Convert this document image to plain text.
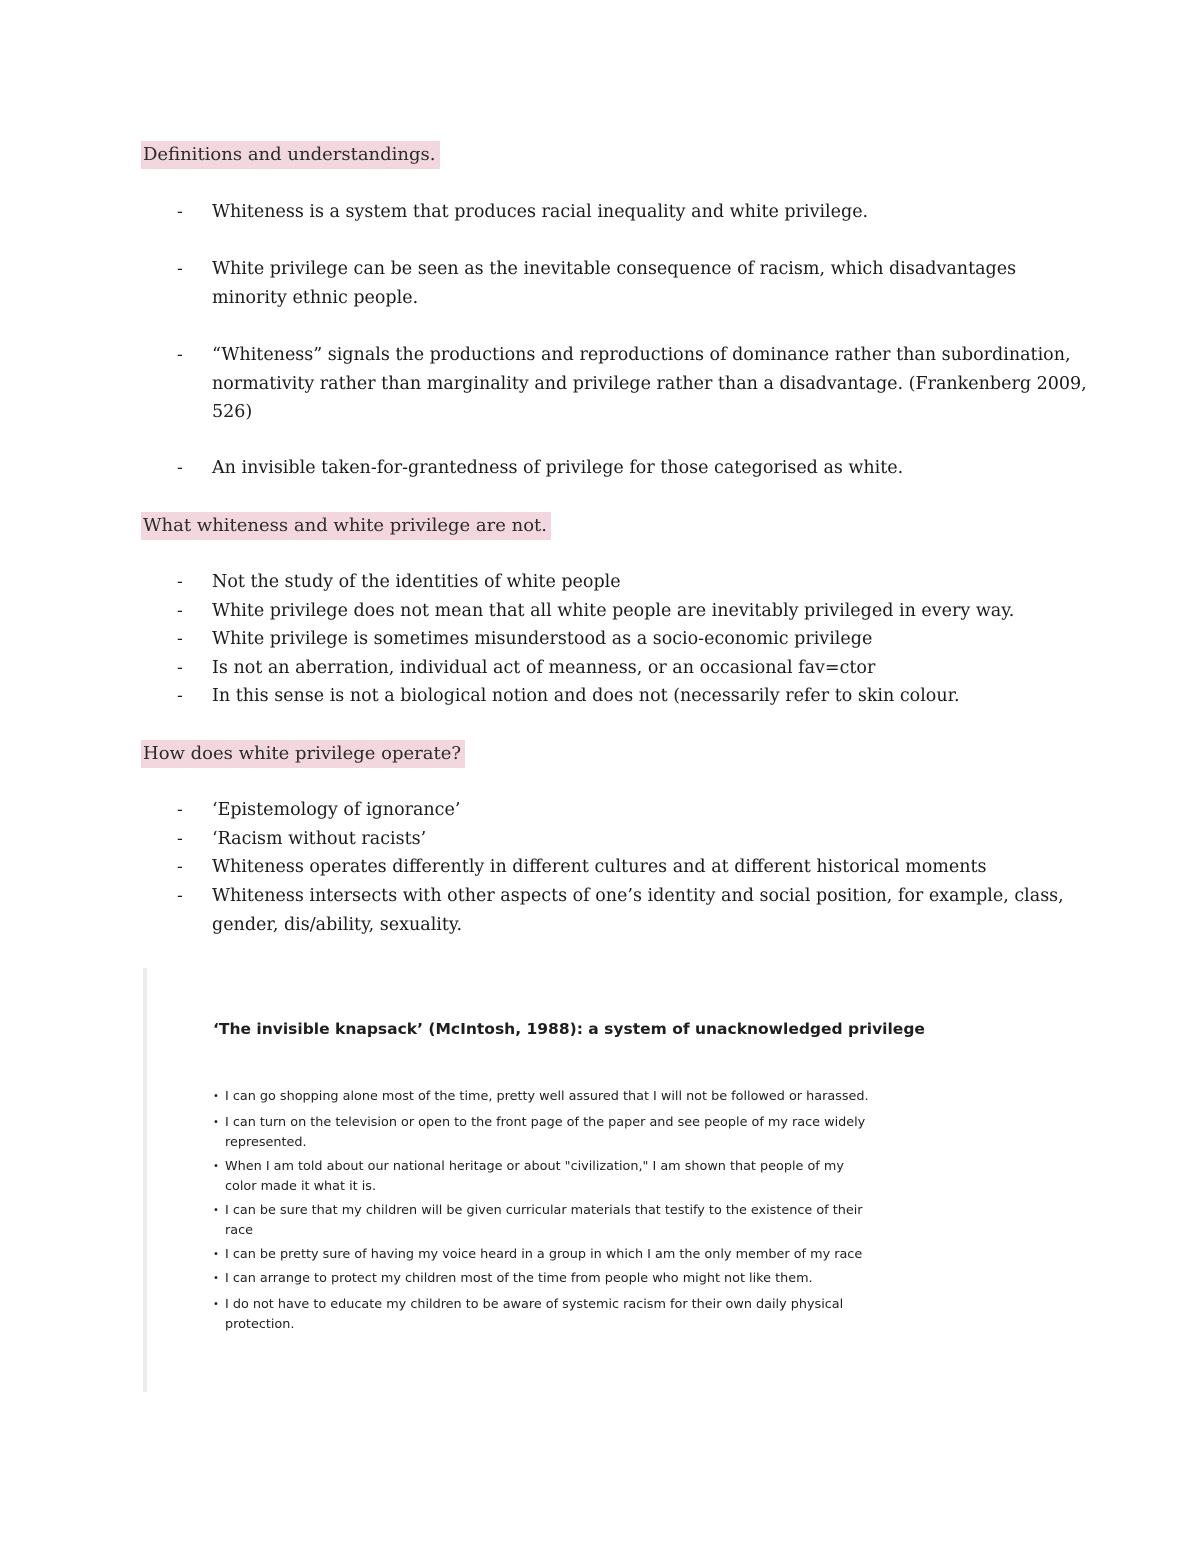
Definitions and understandings.
- Whiteness is a system that produces racial inequality and white privilege.
- White privilege can be seen as the inevitable consequence of racism, which disadvantages
minority ethnic people.
- “Whiteness” signals the productions and reproductions of dominance rather than subordination,
normativity rather than marginality and privilege rather than a disadvantage. (Frankenberg 2009,
526)
- An invisible taken-for-grantedness of privilege for those categorised as white.
What whiteness and white privilege are not.
- Not the study of the identities of white people
- White privilege does not mean that all white people are inevitably privileged in every way.
- White privilege is sometimes misunderstood as a socio-economic privilege
- Is not an aberration, individual act of meanness, or an occasional fav=ctor
- In this sense is not a biological notion and does not (necessarily refer to skin colour.
How does white privilege operate?
- ‘Epistemology of ignorance’
- ‘Racism without racists’
- Whiteness operates differently in different cultures and at different historical moments
- Whiteness intersects with other aspects of one’s identity and social position, for example, class,
gender, dis/ability, sexuality.
‘The invisible knapsack’ (McIntosh, 1988): a system of unacknowledged privilege
• I can go shopping alone most of the time, pretty well assured that I will not be followed or harassed.
• I can turn on the television or open to the front page of the paper and see people of my race widely
represented.
• When I am told about our national heritage or about "civilization," I am shown that people of my
color made it what it is.
• I can be sure that my children will be given curricular materials that testify to the existence of their
race
• I can be pretty sure of having my voice heard in a group in which I am the only member of my race
• I can arrange to protect my children most of the time from people who might not like them.
• I do not have to educate my children to be aware of systemic racism for their own daily physical
protection.
